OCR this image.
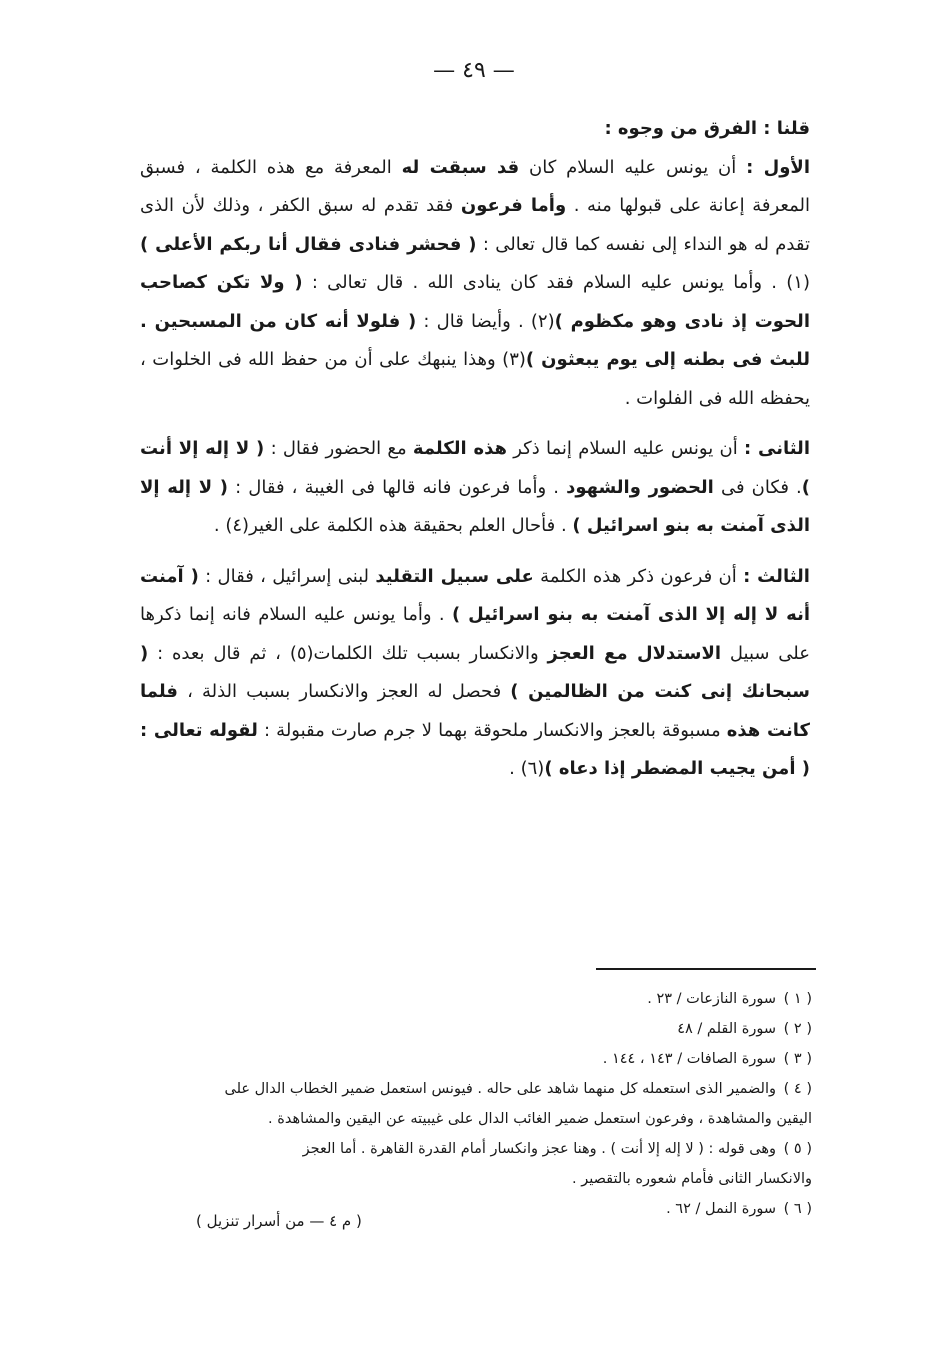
— ٤٩ —

قلنا : الفرق من وجوه :

الأول : أن يونس عليه السلام كان قد سبقت له المعرفة مع هذه الكلمة ، فسبق المعرفة إعانة على قبولها منه . وأما فرعون فقد تقدم له سبق الكفر ، وذلك لأن الذى تقدم له هو النداء إلى نفسه كما قال تعالى : ( فحشر فنادى فقال أنا ربكم الأعلى )(١) . وأما يونس عليه السلام فقد كان ينادى الله . قال تعالى : ( ولا تكن كصاحب الحوت إذ نادى وهو مكظوم )(٢) . وأيضا قال : ( فلولا أنه كان من المسبحين . للبث فى بطنه إلى يوم يبعثون )(٣) وهذا ينبهك على أن من حفظ الله فى الخلوات ، يحفظه الله فى الفلوات .

الثانى : أن يونس عليه السلام إنما ذكر هذه الكلمة مع الحضور فقال : ( لا إله إلا أنت ). فكان فى الحضور والشهود . وأما فرعون فانه قالها فى الغيبة ، فقال : ( لا إله إلا الذى آمنت به بنو اسرائيل ) . فأحال العلم بحقيقة هذه الكلمة على الغير(٤) .

الثالث : أن فرعون ذكر هذه الكلمة على سبيل التقليد لبنى إسرائيل ، فقال : ( آمنت أنه لا إله إلا الذى آمنت به بنو اسرائيل ) . وأما يونس عليه السلام فانه إنما ذكرها على سبيل الاستدلال مع العجز والانكسار بسبب تلك الكلمات(٥) ، ثم قال بعده : ( سبحانك إنى كنت من الظالمين ) فحصل له العجز والانكسار بسبب الذلة ، فلما كانت هذه مسبوقة بالعجز والانكسار ملحوقة بهما لا جرم صارت مقبولة : لقوله تعالى : ( أمن يجيب المضطر إذا دعاه )(٦) .

( ١ )سورة النازعات / ٢٣ .
( ٢ )سورة القلم / ٤٨
( ٣ )سورة الصافات / ١٤٣ ، ١٤٤ .
( ٤ )والضمير الذى استعمله كل منهما شاهد على حاله . فيونس استعمل ضمير الخطاب الدال على
اليقين والمشاهدة ، وفرعون استعمل ضمير الغائب الدال على غيبيته عن اليقين والمشاهدة .
( ٥ )وهى قوله : ( لا إله إلا أنت ) . وهنا عجز وانكسار أمام القدرة القاهرة . أما العجز
والانكسار الثانى فأمام شعوره بالتقصير .
( ٦ )سورة النمل / ٦٢ .
( م ٤ — من أسرار تنزيل )
